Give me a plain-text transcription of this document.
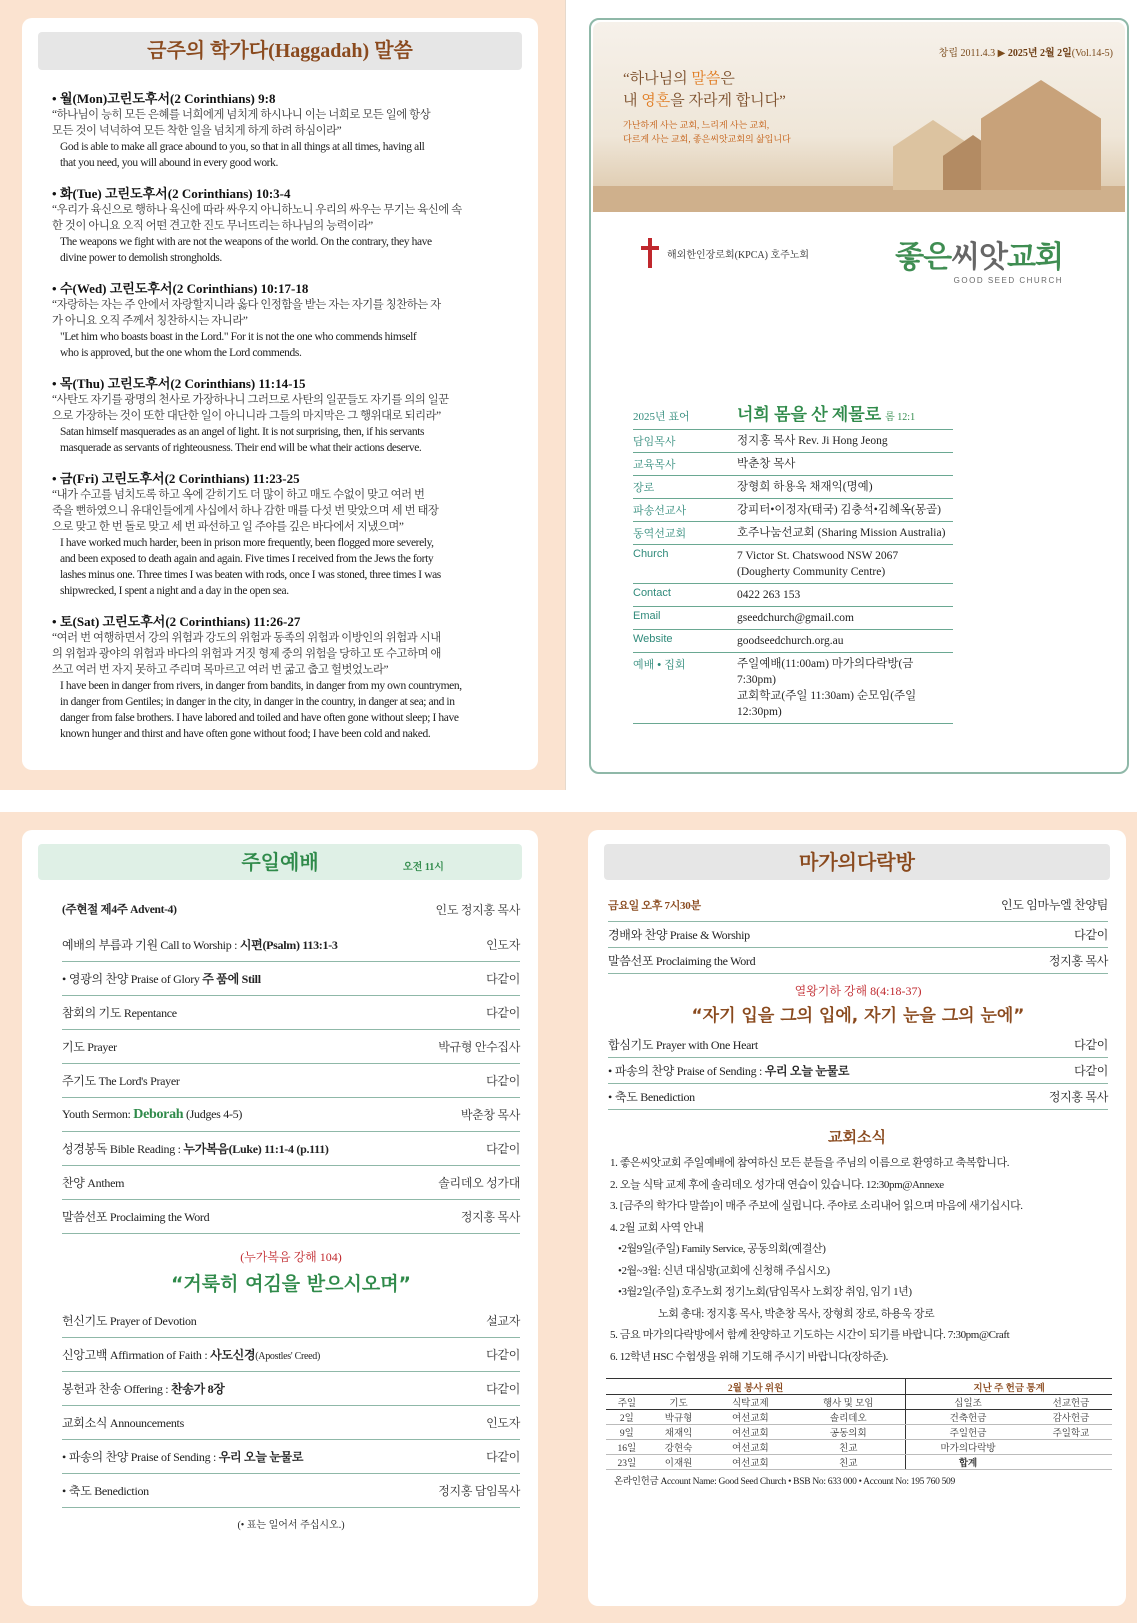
금주의 학가다(Haggadah) 말씀
• 월(Mon)고린도후서(2 Corinthians) 9:8
“하나님이 능히 모든 은혜를 너희에게 넘치게 하시나니 이는 너희로 모든 일에 항상
모든 것이 넉넉하여 모든 착한 일을 넘치게 하게 하려 하심이라”
God is able to make all grace abound to you, so that in all things at all times, having all
that you need, you will abound in every good work.
• 화(Tue) 고린도후서(2 Corinthians) 10:3-4
“우리가 육신으로 행하나 육신에 따라 싸우지 아니하노니 우리의 싸우는 무기는 육신에 속
한 것이 아니요 오직 어떤 견고한 진도 무너뜨리는 하나님의 능력이라”
The weapons we fight with are not the weapons of the world. On the contrary, they have
divine power to demolish strongholds.
• 수(Wed) 고린도후서(2 Corinthians) 10:17-18
“자랑하는 자는 주 안에서 자랑할지니라 옳다 인정함을 받는 자는 자기를 칭찬하는 자
가 아니요 오직 주께서 칭찬하시는 자니라”
"Let him who boasts boast in the Lord." For it is not the one who commends himself
who is approved, but the one whom the Lord commends.
• 목(Thu) 고린도후서(2 Corinthians) 11:14-15
“사탄도 자기를 광명의 천사로 가장하나니 그러므로 사탄의 일꾼들도 자기를 의의 일꾼
으로 가장하는 것이 또한 대단한 일이 아니니라 그들의 마지막은 그 행위대로 되리라”
Satan himself masquerades as an angel of light. It is not surprising, then, if his servants
masquerade as servants of righteousness. Their end will be what their actions deserve.
• 금(Fri) 고린도후서(2 Corinthians) 11:23-25
“내가 수고를 넘치도록 하고 옥에 갇히기도 더 많이 하고 매도 수없이 맞고 여러 번
죽을 뻔하였으니 유대인들에게 사십에서 하나 감한 매를 다섯 번 맞았으며 세 번 태장
으로 맞고 한 번 돌로 맞고 세 번 파선하고 일 주야를 깊은 바다에서 지냈으며”
I have worked much harder, been in prison more frequently, been flogged more severely,
and been exposed to death again and again. Five times I received from the Jews the forty
lashes minus one. Three times I was beaten with rods, once I was stoned, three times I was
shipwrecked, I spent a night and a day in the open sea.
• 토(Sat) 고린도후서(2 Corinthians) 11:26-27
“여러 번 여행하면서 강의 위험과 강도의 위험과 동족의 위험과 이방인의 위험과 시내
의 위험과 광야의 위험과 바다의 위험과 거짓 형제 중의 위험을 당하고 또 수고하며 애
쓰고 여러 번 자지 못하고 주리며 목마르고 여러 번 굶고 춥고 헐벗었노라”
I have been in danger from rivers, in danger from bandits, in danger from my own countrymen,
in danger from Gentiles; in danger in the city, in danger in the country, in danger at sea; and in
danger from false brothers. I have labored and toiled and have often gone without sleep; I have
known hunger and thirst and have often gone without food; I have been cold and naked.
창립 2011.4.3 ▶ 2025년 2월 2일(Vol.14-5)
“하나님의 말씀은
내 영혼을 자라게 합니다”
가난하게 사는 교회, 느리게 사는 교회,
다르게 사는 교회, 좋은씨앗교회의 삶입니다
해외한인장로회(KPCA) 호주노회	좋은씨앗교회
GOOD SEED CHURCH
2025년 표어	너희 몸을 산 제물로 롬 12:1
담임목사	정지홍 목사 Rev. Ji Hong Jeong
교육목사	박춘창 목사
장로	장형희 하용욱 채재익(명예)
파송선교사	강피터•이정자(태국) 김충석•김혜옥(몽골)
동역선교회	호주나눔선교회 (Sharing Mission Australia)
Church	7 Victor St. Chatswood NSW 2067
(Dougherty Community Centre)
Contact	0422 263 153
Email	gseedchurch@gmail.com
Website	goodseedchurch.org.au
예배 • 집회	주일예배(11:00am) 마가의다락방(금 7:30pm)
교회학교(주일 11:30am) 순모임(주일 12:30pm)
주일예배	오전 11시
(주현절 제4주 Advent-4)	인도 정지홍 목사
예배의 부름과 기원 Call to Worship : 시편(Psalm) 113:1-3	인도자
• 영광의 찬양 Praise of Glory 주 품에 Still	다같이
참회의 기도 Repentance	다같이
기도 Prayer	박규형 안수집사
주기도 The Lord's Prayer	다같이
Youth Sermon: Deborah (Judges 4-5)	박춘창 목사
성경봉독 Bible Reading : 누가복음(Luke) 11:1-4 (p.111)	다같이
찬양 Anthem	솔리데오 성가대
말씀선포 Proclaiming the Word	정지홍 목사
(누가복음 강해 104)
“거룩히 여김을 받으시오며”
헌신기도 Prayer of Devotion	설교자
신앙고백 Affirmation of Faith : 사도신경(Apostles' Creed)	다같이
봉헌과 찬송 Offering : 찬송가 8장	다같이
교회소식 Announcements	인도자
• 파송의 찬양 Praise of Sending : 우리 오늘 눈물로	다같이
• 축도 Benediction	정지홍 담임목사
(• 표는 일어서 주십시오.)
마가의다락방
금요일 오후 7시30분	인도 임마누엘 찬양팀
경배와 찬양 Praise & Worship	다같이
말씀선포 Proclaiming the Word	정지홍 목사
열왕기하 강해 8(4:18-37)
“자기 입을 그의 입에, 자기 눈을 그의 눈에”
합심기도 Prayer with One Heart	다같이
• 파송의 찬양 Praise of Sending : 우리 오늘 눈물로	다같이
• 축도 Benediction	정지홍 목사
교회소식
1. 좋은씨앗교회 주일예배에 참여하신 모든 분들을 주님의 이름으로 환영하고 축복합니다.
2. 오늘 식탁 교제 후에 솔리데오 성가대 연습이 있습니다. 12:30pm@Annexe
3. [금주의 학가다 말씀]이 매주 주보에 실립니다. 주야로 소리내어 읽으며 마음에 새기십시다.
4. 2월 교회 사역 안내
•2월9일(주일) Family Service, 공동의회(예결산)
•2월~3월: 신년 대심방(교회에 신청해 주십시오)
•3월2일(주일) 호주노회 정기노회(담임목사 노회장 취임, 임기 1년)
노회 총대: 정지홍 목사, 박춘창 목사, 장형희 장로, 하용욱 장로
5. 금요 마가의다락방에서 함께 찬양하고 기도하는 시간이 되기를 바랍니다. 7:30pm@Craft
6. 12학년 HSC 수험생을 위해 기도해 주시기 바랍니다(장하준).
2월 봉사 위원				지난 주 헌금 통계	
주일	기도	식탁교제	행사 및 모임	십일조	선교헌금
2일	박규형	여선교회	솔리데오	건축헌금	감사헌금
9일	채재익	여선교회	공동의회	주일헌금	주일학교
16일	강현숙	여선교회	친교	마가의다락방	
23일	이재원	여선교회	친교	합계	
온라인헌금 Account Name: Good Seed Church • BSB No: 633 000 • Account No: 195 760 509
